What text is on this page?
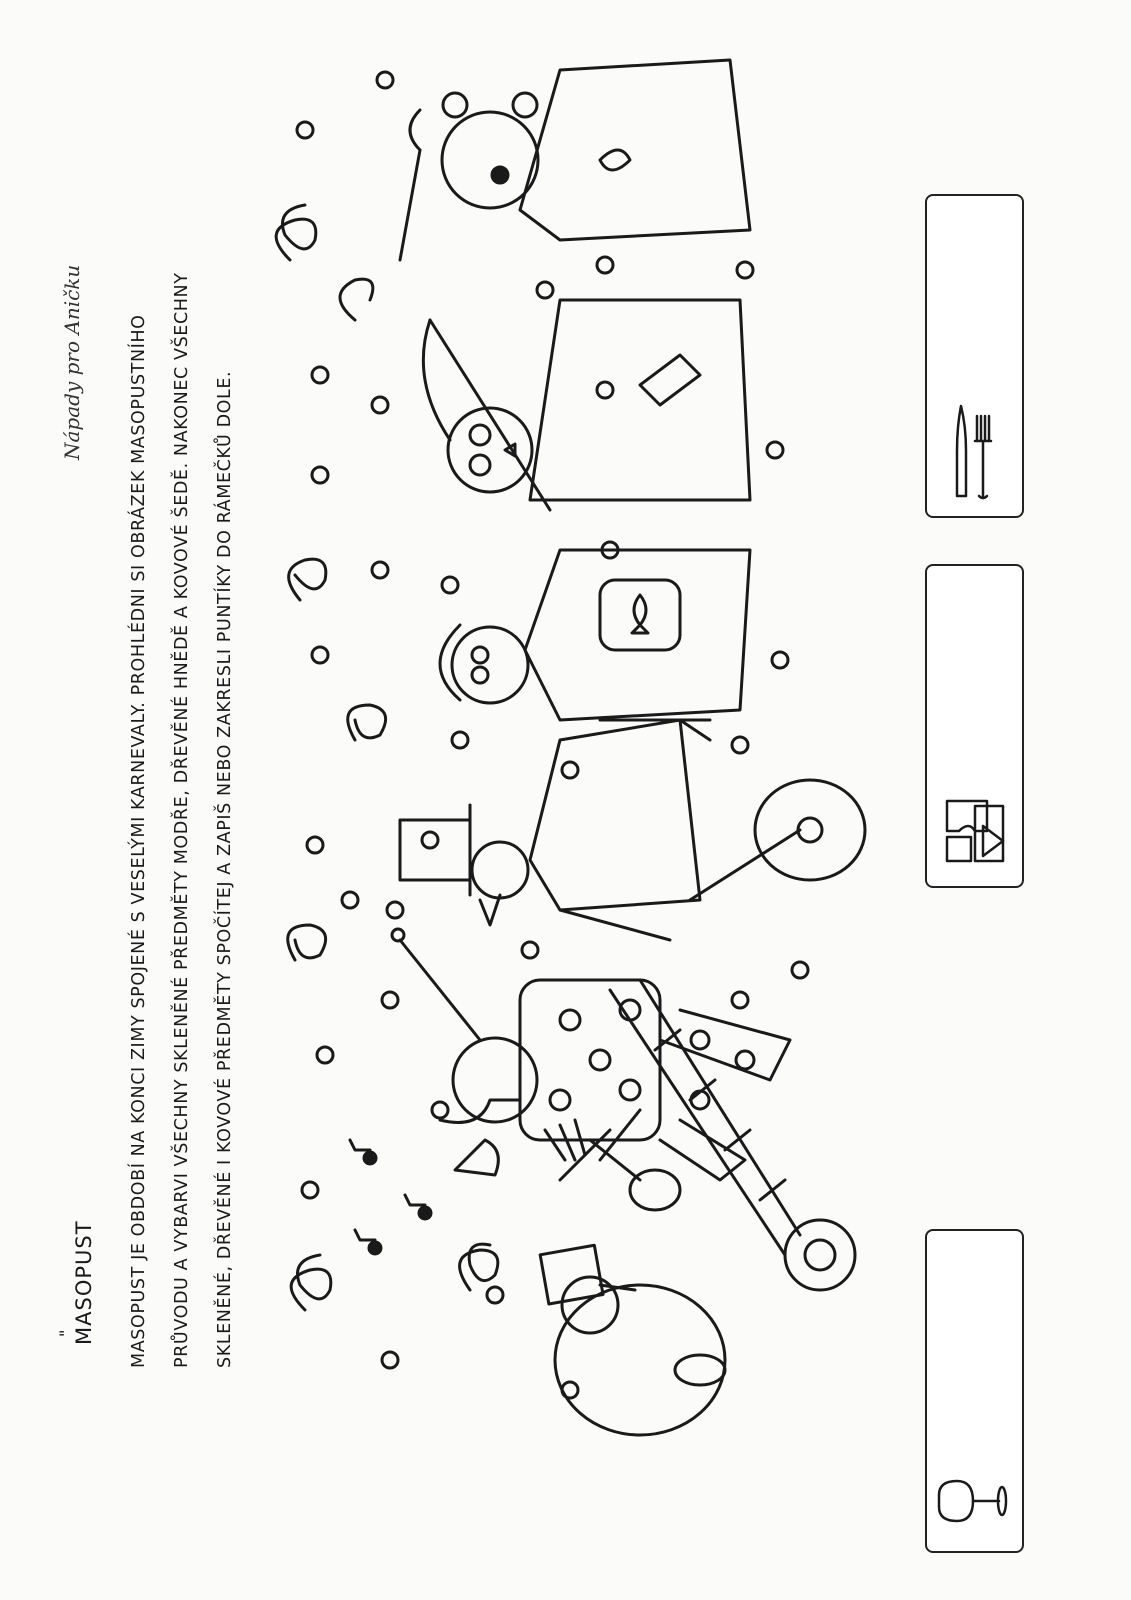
"
MASOPUST
Nápady pro Aničku	MASOPUST JE OBDOBÍ NA KONCI ZIMY SPOJENÉ S VESELÝMI KARNEVALY. PROHLÉDNI SI OBRÁZEK MASOPUSTNÍHO PRŮVODU A VYBARVI VŠECHNY SKLENĚNÉ PŘEDMĚTY MODŘE, DŘEVĚNÉ HNĚDĚ A KOVOVÉ ŠEDĚ. NAKONEC VŠECHNY SKLENĚNÉ, DŘEVĚNÉ I KOVOVÉ PŘEDMĚTY SPOČÍTEJ A ZAPIŠ NEBO ZAKRESLI PUNTÍKY DO RÁMEČKŮ DOLE.
